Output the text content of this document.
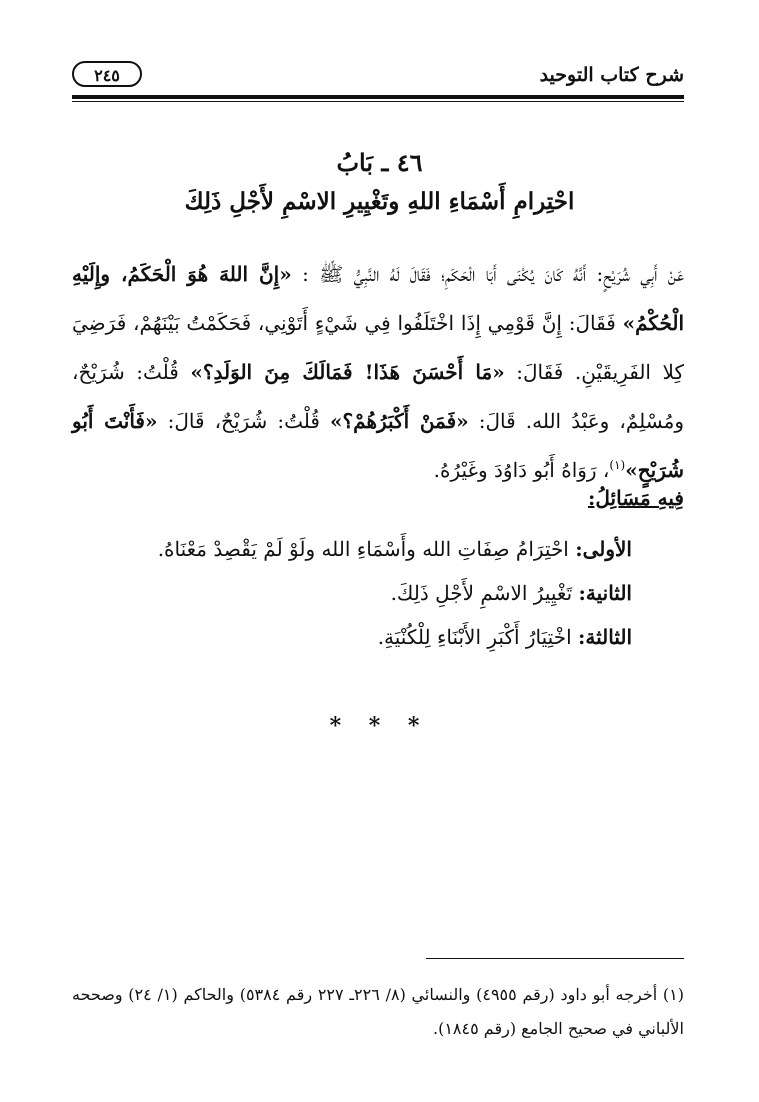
شرح كتاب التوحيد
٢٤٥
٤٦ ـ بَابُ
احْتِرامِ أَسْمَاءِ اللهِ وتَغْيِيرِ الاسْمِ لأَجْلِ ذَلِكَ
عَنْ أَبِي شُرَيْحٍ: أَنَّهُ كَانَ يُكْنَى أَبَا الْحَكَمِ؛ فَقَالَ لَهُ النَّبِيُّ ﷺ : «إِنَّ اللهَ هُوَ الْحَكَمُ، وإِلَيْهِ الْحُكْمُ» فَقَالَ: إِنَّ قَوْمِي إِذَا اخْتَلَفُوا فِي شَيْءٍ أَتَوْنِي، فَحَكَمْتُ بَيْنَهُمْ، فَرَضِيَ كِلا الفَرِيقَيْنِ. فَقَالَ: «مَا أَحْسَنَ هَذَا! فَمَالَكَ مِنَ الوَلَدِ؟» قُلْتُ: شُرَيْحٌ، ومُسْلِمٌ، وعَبْدُ الله. قَالَ: «فَمَنْ أَكْبَرُهُمْ؟» قُلْتُ: شُرَيْحٌ، قَالَ: «فَأَنْتَ أَبُو شُرَيْحٍ»$^{(١)}$، رَوَاهُ أَبُو دَاوُدَ وغَيْرُهُ.
فِيهِ مَسَائِلُ:
الأولى: احْتِرَامُ صِفَاتِ الله وأَسْمَاءِ الله ولَوْ لَمْ يَقْصِدْ مَعْنَاهُ.
الثانية: تَغْيِيرُ الاسْمِ لأَجْلِ ذَلِكَ.
الثالثة: اخْتِيَارُ أَكْبَرِ الأَبْنَاءِ لِلْكُنْيَةِ.
* * *
(١) أخرجه أبو داود (رقم ٤٩٥٥) والنسائي (٨/ ٢٢٦ـ ٢٢٧ رقم ٥٣٨٤) والحاكم (١/ ٢٤) وصححه الألباني في صحيح الجامع (رقم ١٨٤٥).
